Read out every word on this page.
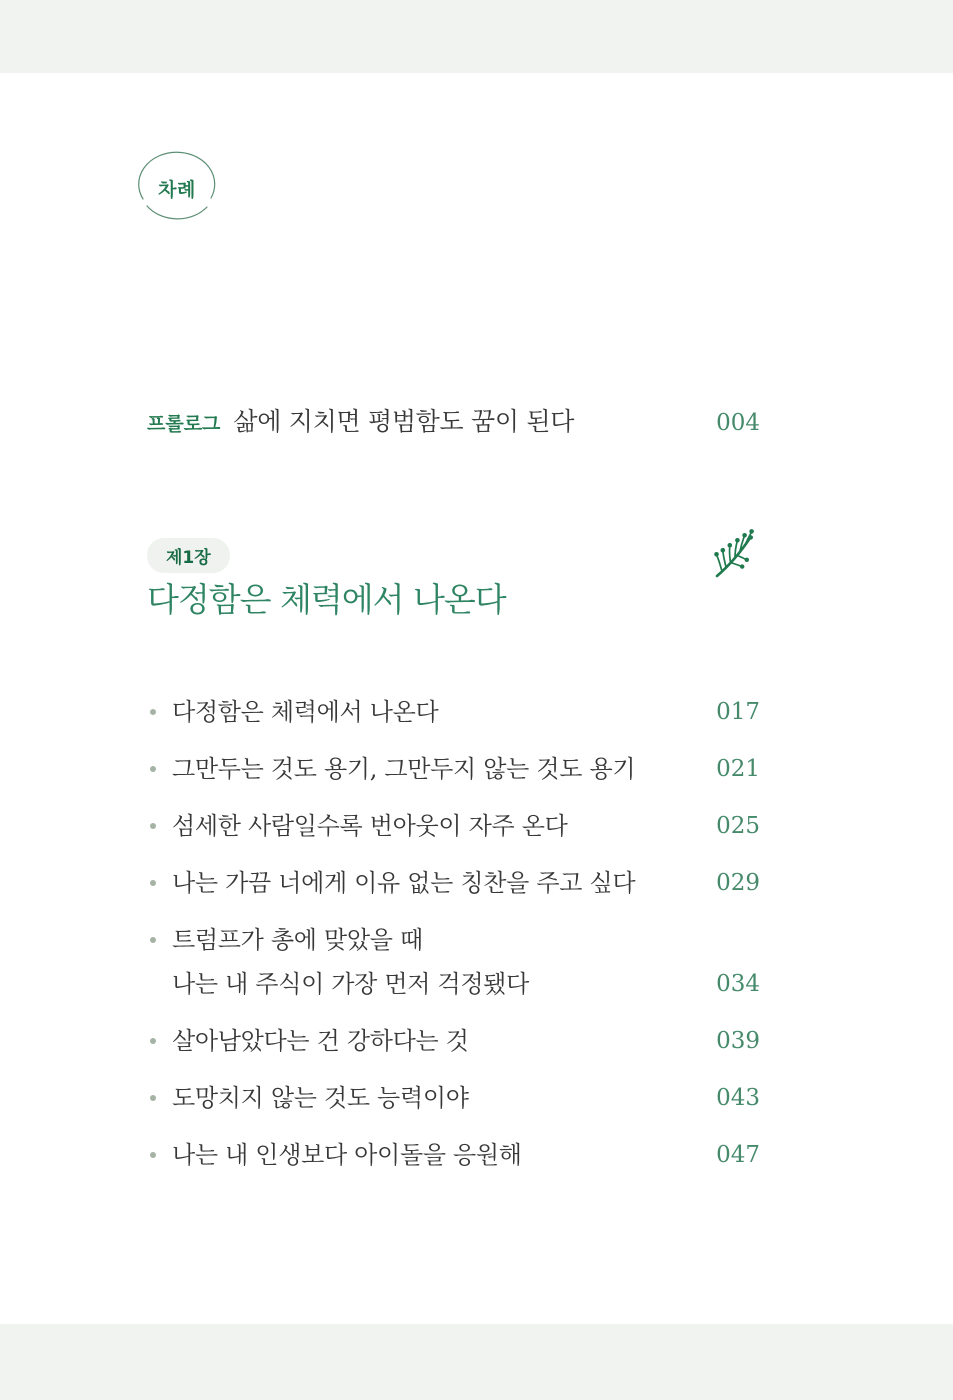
차례
프롤로그 삶에 지치면 평범함도 꿈이 된다	004
제1장
다정함은 체력에서 나온다
다정함은 체력에서 나온다	017
그만두는 것도 용기, 그만두지 않는 것도 용기	021
섬세한 사람일수록 번아웃이 자주 온다	025
나는 가끔 너에게 이유 없는 칭찬을 주고 싶다	029
트럼프가 총에 맞았을 때
나는 내 주식이 가장 먼저 걱정됐다	034
살아남았다는 건 강하다는 것	039
도망치지 않는 것도 능력이야	043
나는 내 인생보다 아이돌을 응원해	047
